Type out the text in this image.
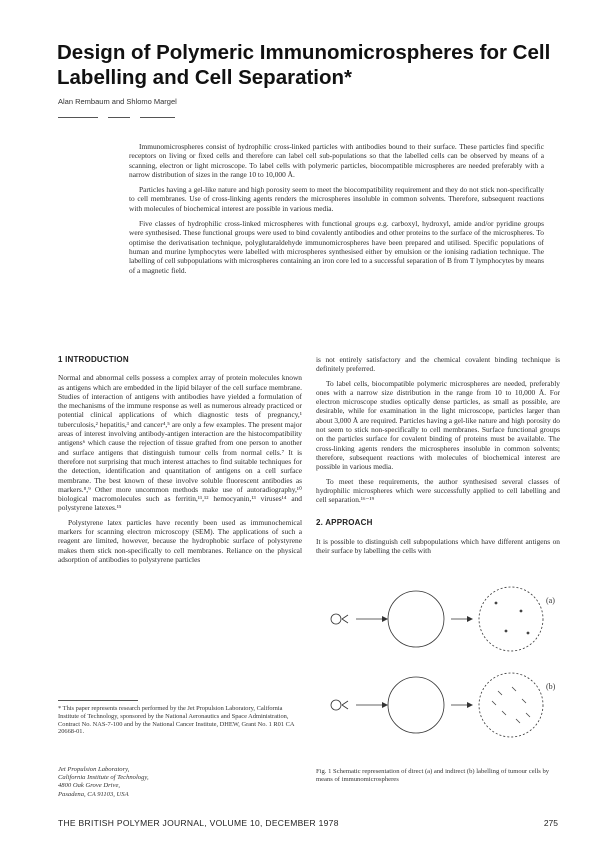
Design of Polymeric Immunomicrospheres for Cell Labelling and Cell Separation*
Alan Rembaum and Shlomo Margel

Immunomicrospheres consist of hydrophilic cross-linked particles with antibodies bound to their surface. These particles find specific receptors on living or fixed cells and therefore can label cell sub-populations so that the labelled cells can be observed by means of a scanning, electron or light microscope. To label cells with polymeric particles, biocompatible microspheres are needed preferably with a narrow distribution of sizes in the range 10 to 10,000 Å.

Particles having a gel-like nature and high porosity seem to meet the biocompatibility requirement and they do not stick non-specifically to cell membranes. Use of cross-linking agents renders the microspheres insoluble in common solvents. Therefore, subsequent reactions with molecules of biochemical interest are possible in various media.

Five classes of hydrophilic cross-linked microspheres with functional groups e.g. carboxyl, hydroxyl, amide and/or pyridine groups were synthesised. These functional groups were used to bind covalently antibodies and other proteins to the surface of the microspheres. To optimise the derivatisation technique, polyglutaraldehyde immunomicrospheres have been prepared and utilised. Specific populations of human and murine lymphocytes were labelled with microspheres synthesised either by emulsion or the ionising radiation technique. The labelling of cell subpopulations with microspheres containing an iron core led to a successful separation of B from T lymphocytes by means of a magnetic field.

1 INTRODUCTION

Normal and abnormal cells possess a complex array of protein molecules known as antigens which are embedded in the lipid bilayer of the cell surface membrane. Studies of interaction of antigens with antibodies have yielded a formulation of the mechanisms of the immune response as well as numerous already practiced or potential clinical applications of which diagnostic tests of pregnancy,¹ tuberculosis,² hepatitis,³ and cancer⁴,⁵ are only a few examples. The present major areas of interest involving antibody-antigen interaction are the histocompatibility antigens⁶ which cause the rejection of tissue grafted from one person to another and surface antigens that distinguish tumour cells from normal cells.⁷ It is therefore not surprising that much interest attaches to find suitable techniques for the detection, identification and quantitation of antigens on a cell surface membrane. The best known of these involve soluble fluorescent antibodies as markers.⁸,⁹ Other more uncommon methods make use of autoradiography,¹⁰ biological macromolecules such as ferritin,¹¹,¹² hemocyanin,¹³ viruses¹⁴ and polystyrene latexes.¹⁵

Polystyrene latex particles have recently been used as immunochemical markers for scanning electron microscopy (SEM). The applications of such a reagent are limited, however, because the hydrophobic surface of polystyrene makes them stick non-specifically to cell membranes. Reliance on the physical adsorption of antibodies to polystyrene particles

* This paper represents research performed by the Jet Propulsion Laboratory, California Institute of Technology, sponsored by the National Aeronautics and Space Administration, Contract No. NAS-7-100 and by the National Cancer Institute, DHEW, Grant No. 1 R01 CA 20668-01.
Jet Propulsion Laboratory,
California Institute of Technology,
4800 Oak Grove Drive,
Pasadena, CA 91103, USA

is not entirely satisfactory and the chemical covalent binding technique is definitely preferred.

To label cells, biocompatible polymeric microspheres are needed, preferably ones with a narrow size distribution in the range from 10 to 10,000 Å. For electron microscope studies optically dense particles, as small as possible, are desirable, while for examination in the light microscope, particles larger than about 3,000 Å are required. Particles having a gel-like nature and high porosity do not seem to stick non-specifically to cell membranes. Surface functional groups on the particles surface for covalent binding of proteins must be available. The cross-linking agents renders the microspheres insoluble in common solvents; therefore, subsequent reactions with molecules of biochemical interest are possible in various media.

To meet these requirements, the author synthesised several classes of hydrophilic microspheres which were successfully applied to cell labelling and cell separation.¹⁶⁻¹⁹

2. APPROACH

It is possible to distinguish cell subpopulations which have different antigens on their surface by labelling the cells with

(a)
(b)
Fig. 1 Schematic representation of direct (a) and indirect (b) labelling of tumour cells by means of immunomicrospheres
THE BRITISH POLYMER JOURNAL, VOLUME 10, DECEMBER 1978	275
